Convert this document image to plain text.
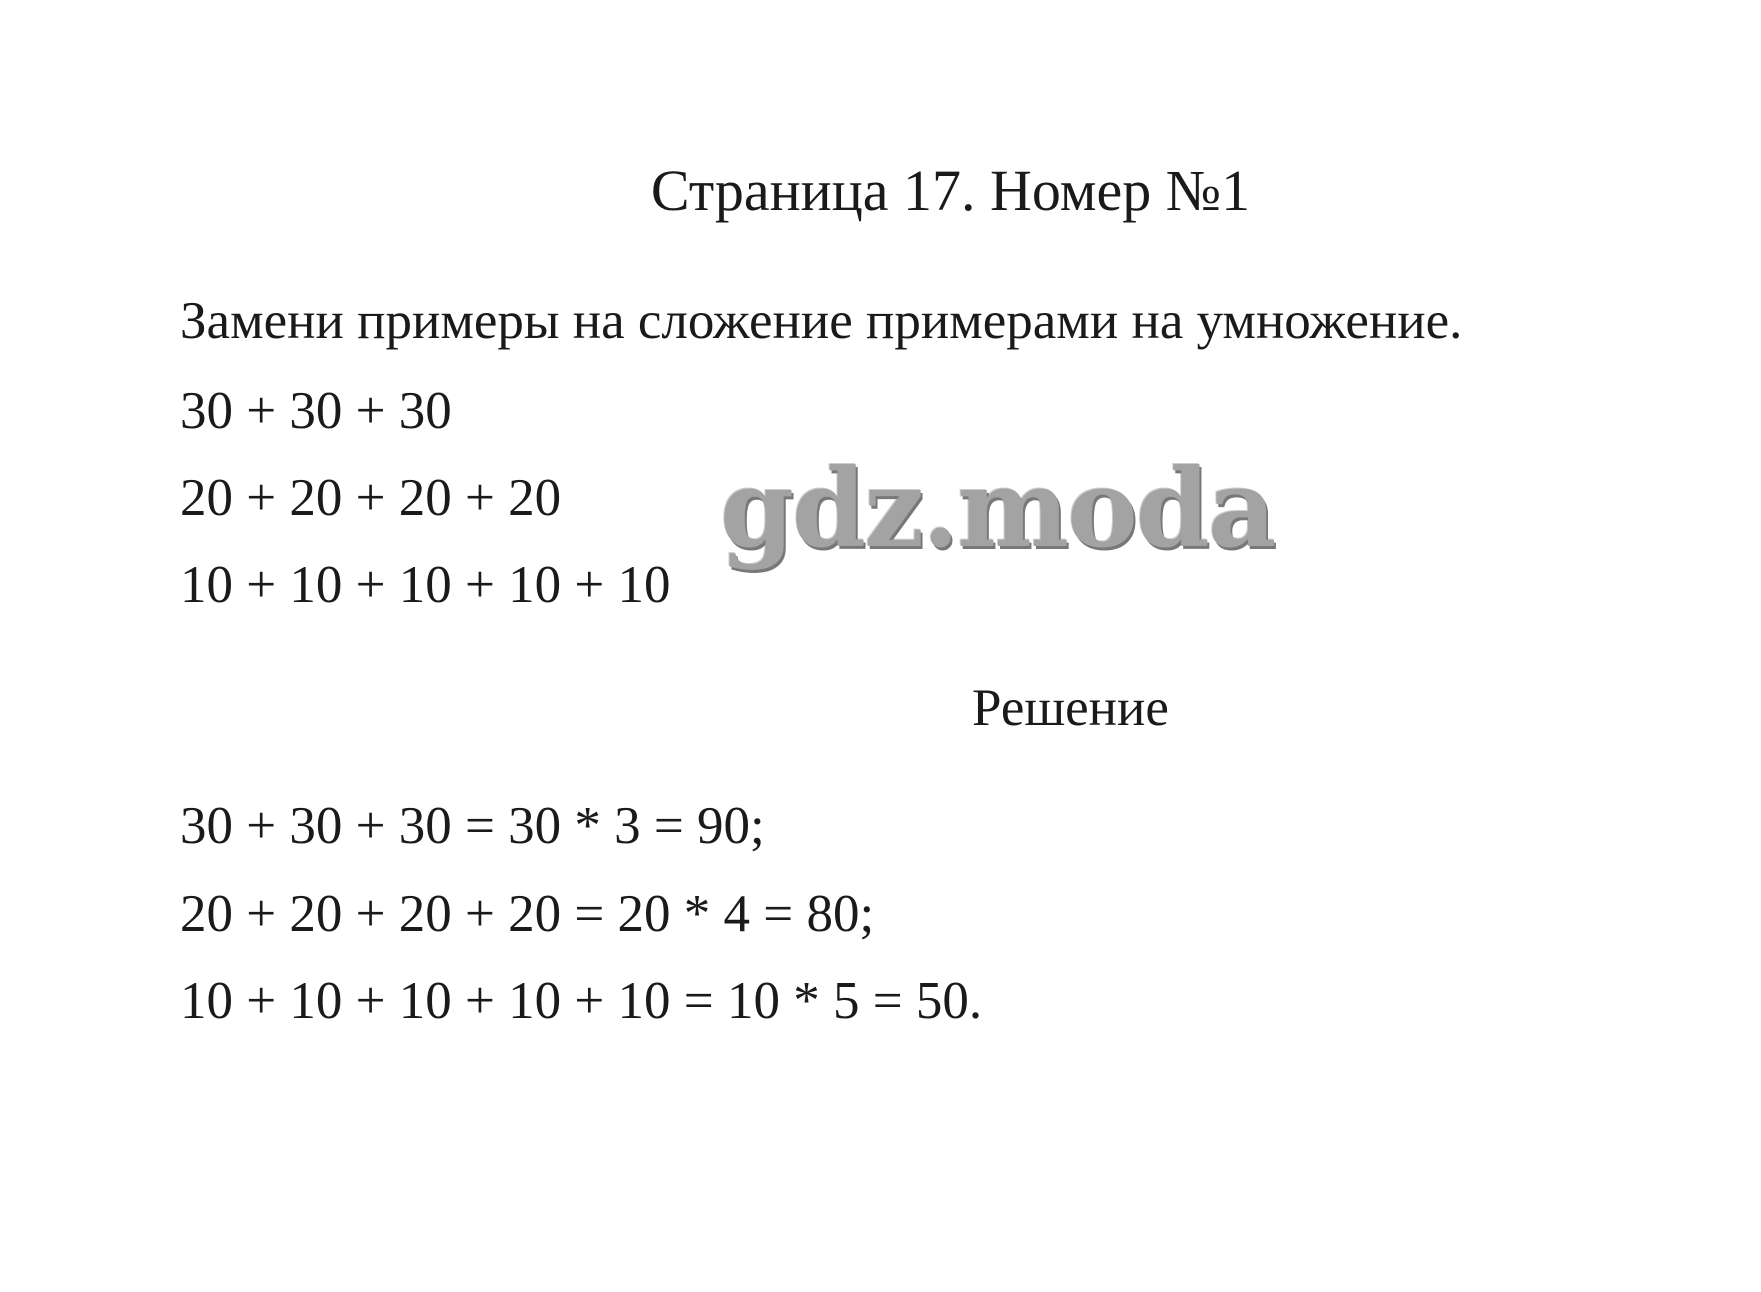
Страница 17. Номер №1
Замени примеры на сложение примерами на умножение.
30 + 30 + 30
20 + 20 + 20 + 20
10 + 10 + 10 + 10 + 10
gdz.moda
Решение
30 + 30 + 30 = 30 * 3 = 90;
20 + 20 + 20 + 20 = 20 * 4 = 80;
10 + 10 + 10 + 10 + 10 = 10 * 5 = 50.
